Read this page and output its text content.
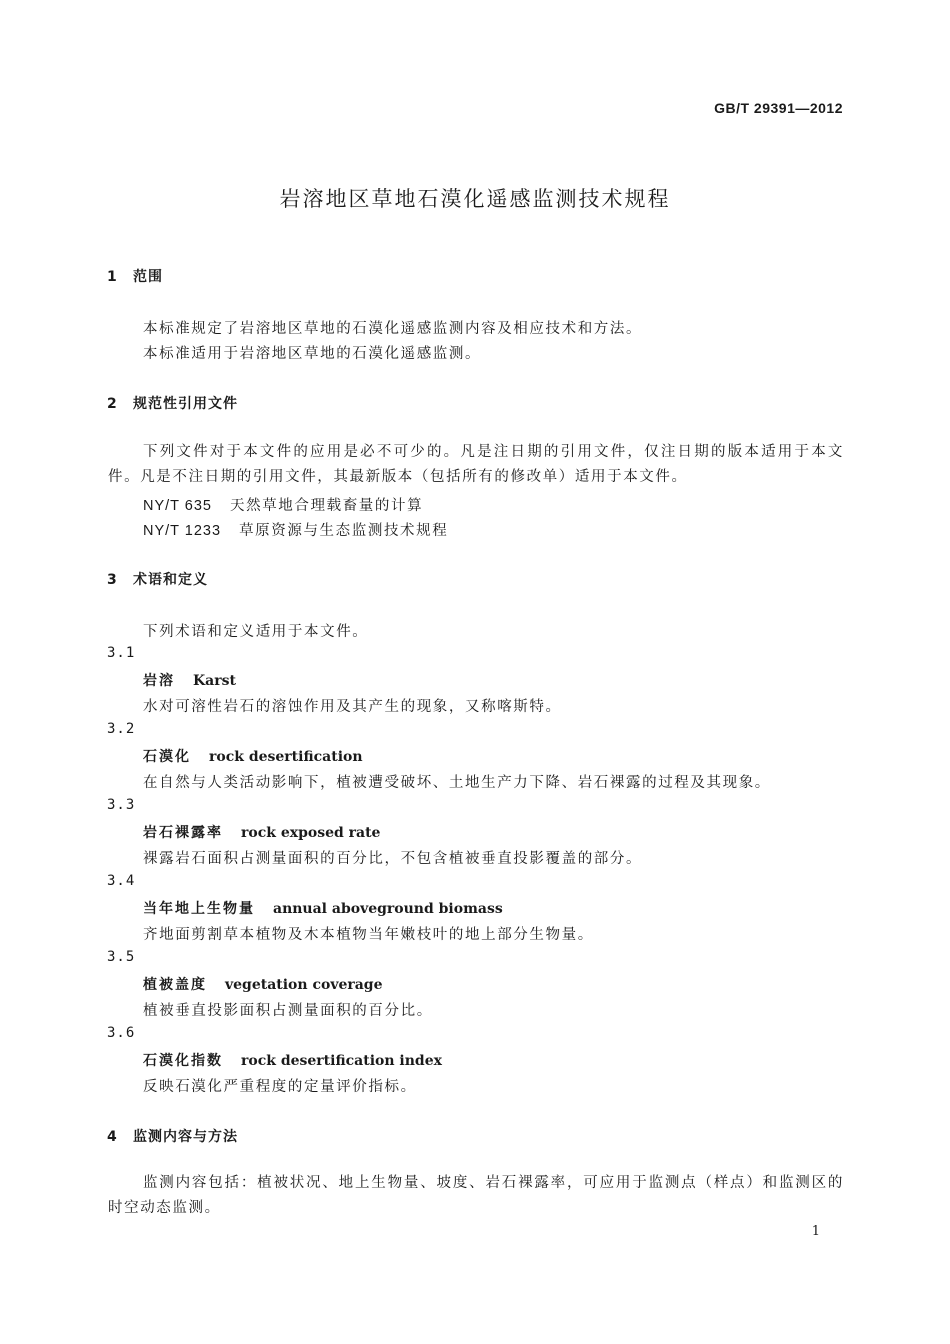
GB/T 29391—2012
岩溶地区草地石漠化遥感监测技术规程
1 范围
本标准规定了岩溶地区草地的石漠化遥感监测内容及相应技术和方法。
本标准适用于岩溶地区草地的石漠化遥感监测。
2 规范性引用文件
下列文件对于本文件的应用是必不可少的。凡是注日期的引用文件，仅注日期的版本适用于本文件。凡是不注日期的引用文件，其最新版本（包括所有的修改单）适用于本文件。
NY/T 635 天然草地合理载畜量的计算
NY/T 1233 草原资源与生态监测技术规程
3 术语和定义
下列术语和定义适用于本文件。
3.1
岩溶 Karst
水对可溶性岩石的溶蚀作用及其产生的现象，又称喀斯特。
3.2
石漠化 rock desertification
在自然与人类活动影响下，植被遭受破坏、土地生产力下降、岩石裸露的过程及其现象。
3.3
岩石裸露率 rock exposed rate
裸露岩石面积占测量面积的百分比，不包含植被垂直投影覆盖的部分。
3.4
当年地上生物量 annual aboveground biomass
齐地面剪割草本植物及木本植物当年嫩枝叶的地上部分生物量。
3.5
植被盖度 vegetation coverage
植被垂直投影面积占测量面积的百分比。
3.6
石漠化指数 rock desertification index
反映石漠化严重程度的定量评价指标。
4 监测内容与方法
监测内容包括：植被状况、地上生物量、坡度、岩石裸露率，可应用于监测点（样点）和监测区的时空动态监测。
1
